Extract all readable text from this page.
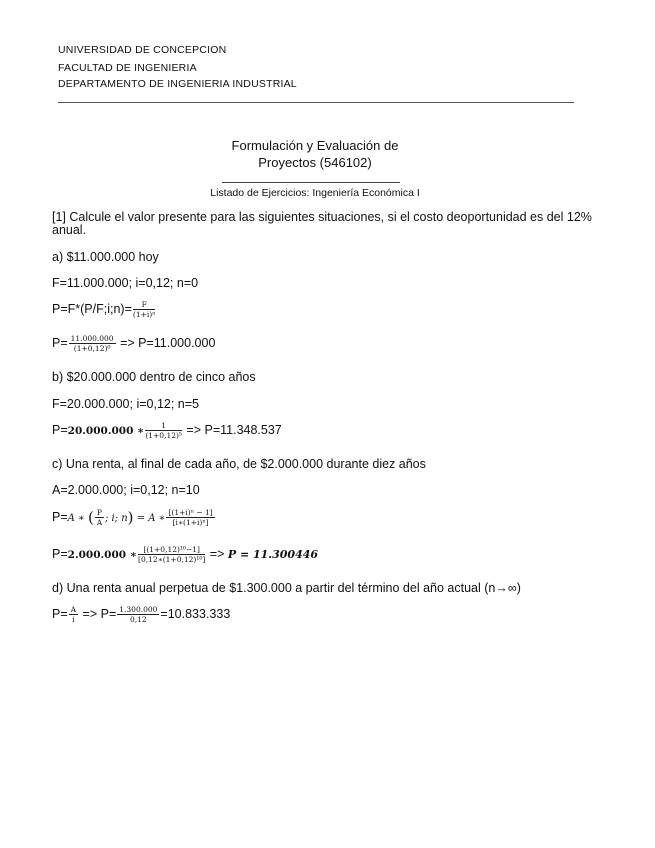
UNIVERSIDAD DE CONCEPCION
FACULTAD DE INGENIERIA
DEPARTAMENTO DE INGENIERIA INDUSTRIAL
Formulación y Evaluación de
Proyectos (546102)
Listado de Ejercicios: Ingeniería Económica I
[1] Calcule el valor presente para las siguientes situaciones, si el costo deoportunidad es del 12% anual.
a) $11.000.000 hoy
F=11.000.000; i=0,12; n=0
P=F*(P/F;i;n)= $\frac{F}{\text{(1+i)ⁿ}}$
$P= \frac{11.000.000}{\text{(1+0,12)⁰}} => P=11.000.000$
b) $20.000.000 dentro de cinco años
F=20.000.000; i=0,12; n=5
P=20.000.000 ∗ $\frac{1}{\text{(1+0,12)⁵}} => P=11.348.537$
c) Una renta, al final de cada año, de $2.000.000 durante diez años
A=2.000.000; i=0,12; n=10
P=A ∗ ( $\frac{P}{A}$ ; i; n) = A ∗ $\frac{\text{[(1+i)ⁿ − 1]}}{\text{[i∗(1+i)ⁿ]}}$
P=2.000.000 ∗ $\frac{\text{[(1+0,12)¹⁰−1]}}{\text{[0,12∗(1+0,12)¹⁰]}} => P = 11.300446$
d) Una renta anual perpetua de $1.300.000 a partir del término del año actual (n→∞)
$P= \frac{A}{i} => P= \frac{1.300.000}{0,12} =10.833.333$
